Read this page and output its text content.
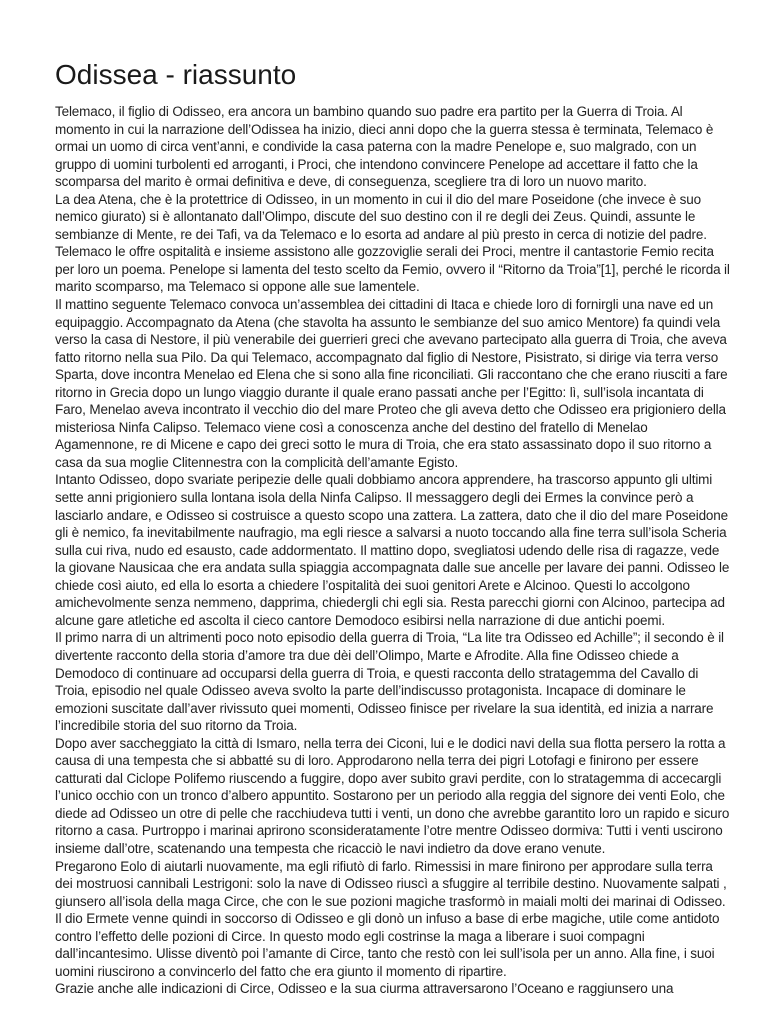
Odissea - riassunto

Telemaco, il figlio di Odisseo, era ancora un bambino quando suo padre era partito per la Guerra di Troia. Al momento in cui la narrazione dell’Odissea ha inizio, dieci anni dopo che la guerra stessa è terminata, Telemaco è ormai un uomo di circa vent’anni, e condivide la casa paterna con la madre Penelope e, suo malgrado, con un gruppo di uomini turbolenti ed arroganti, i Proci, che intendono convincere Penelope ad accettare il fatto che la scomparsa del marito è ormai definitiva e deve, di conseguenza, scegliere tra di loro un nuovo marito.

La dea Atena, che è la protettrice di Odisseo, in un momento in cui il dio del mare Poseidone (che invece è suo nemico giurato) si è allontanato dall’Olimpo, discute del suo destino con il re degli dei Zeus. Quindi, assunte le sembianze di Mente, re dei Tafi, va da Telemaco e lo esorta ad andare al più presto in cerca di notizie del padre. Telemaco le offre ospitalità e insieme assistono alle gozzoviglie serali dei Proci, mentre il cantastorie Femio recita per loro un poema. Penelope si lamenta del testo scelto da Femio, ovvero il “Ritorno da Troia”[1], perché le ricorda il marito scomparso, ma Telemaco si oppone alle sue lamentele.

Il mattino seguente Telemaco convoca un’assemblea dei cittadini di Itaca e chiede loro di fornirgli una nave ed un equipaggio. Accompagnato da Atena (che stavolta ha assunto le sembianze del suo amico Mentore) fa quindi vela verso la casa di Nestore, il più venerabile dei guerrieri greci che avevano partecipato alla guerra di Troia, che aveva fatto ritorno nella sua Pilo. Da qui Telemaco, accompagnato dal figlio di Nestore, Pisistrato, si dirige via terra verso Sparta, dove incontra Menelao ed Elena che si sono alla fine riconciliati. Gli raccontano che che erano riusciti a fare ritorno in Grecia dopo un lungo viaggio durante il quale erano passati anche per l’Egitto: lì, sull’isola incantata di Faro, Menelao aveva incontrato il vecchio dio del mare Proteo che gli aveva detto che Odisseo era prigioniero della misteriosa Ninfa Calipso. Telemaco viene così a conoscenza anche del destino del fratello di Menelao Agamennone, re di Micene e capo dei greci sotto le mura di Troia, che era stato assassinato dopo il suo ritorno a casa da sua moglie Clitennestra con la complicità dell’amante Egisto.

Intanto Odisseo, dopo svariate peripezie delle quali dobbiamo ancora apprendere, ha trascorso appunto gli ultimi sette anni prigioniero sulla lontana isola della Ninfa Calipso. Il messaggero degli dei Ermes la convince però a lasciarlo andare, e Odisseo si costruisce a questo scopo una zattera. La zattera, dato che il dio del mare Poseidone gli è nemico, fa inevitabilmente naufragio, ma egli riesce a salvarsi a nuoto toccando alla fine terra sull’isola Scheria sulla cui riva, nudo ed esausto, cade addormentato. Il mattino dopo, svegliatosi udendo delle risa di ragazze, vede la giovane Nausicaa che era andata sulla spiaggia accompagnata dalle sue ancelle per lavare dei panni. Odisseo le chiede così aiuto, ed ella lo esorta a chiedere l’ospitalità dei suoi genitori Arete e Alcinoo. Questi lo accolgono amichevolmente senza nemmeno, dapprima, chiedergli chi egli sia. Resta parecchi giorni con Alcinoo, partecipa ad alcune gare atletiche ed ascolta il cieco cantore Demodoco esibirsi nella narrazione di due antichi poemi.

Il primo narra di un altrimenti poco noto episodio della guerra di Troia, “La lite tra Odisseo ed Achille”; il secondo è il divertente racconto della storia d’amore tra due dèi dell’Olimpo, Marte e Afrodite. Alla fine Odisseo chiede a Demodoco di continuare ad occuparsi della guerra di Troia, e questi racconta dello stratagemma del Cavallo di Troia, episodio nel quale Odisseo aveva svolto la parte dell’indiscusso protagonista. Incapace di dominare le emozioni suscitate dall’aver rivissuto quei momenti, Odisseo finisce per rivelare la sua identità, ed inizia a narrare l’incredibile storia del suo ritorno da Troia.

Dopo aver saccheggiato la città di Ismaro, nella terra dei Ciconi, lui e le dodici navi della sua flotta persero la rotta a causa di una tempesta che si abbatté su di loro. Approdarono nella terra dei pigri Lotofagi e finirono per essere catturati dal Ciclope Polifemo riuscendo a fuggire, dopo aver subito gravi perdite, con lo stratagemma di accecargli l’unico occhio con un tronco d’albero appuntito. Sostarono per un periodo alla reggia del signore dei venti Eolo, che diede ad Odisseo un otre di pelle che racchiudeva tutti i venti, un dono che avrebbe garantito loro un rapido e sicuro ritorno a casa. Purtroppo i marinai aprirono sconsideratamente l’otre mentre Odisseo dormiva: Tutti i venti uscirono insieme dall’otre, scatenando una tempesta che ricacciò le navi indietro da dove erano venute.

Pregarono Eolo di aiutarli nuovamente, ma egli rifiutò di farlo. Rimessisi in mare finirono per approdare sulla terra dei mostruosi cannibali Lestrigoni: solo la nave di Odisseo riuscì a sfuggire al terribile destino. Nuovamente salpati , giunsero all’isola della maga Circe, che con le sue pozioni magiche trasformò in maiali molti dei marinai di Odisseo. Il dio Ermete venne quindi in soccorso di Odisseo e gli donò un infuso a base di erbe magiche, utile come antidoto contro l’effetto delle pozioni di Circe. In questo modo egli costrinse la maga a liberare i suoi compagni dall’incantesimo. Ulisse diventò poi l’amante di Circe, tanto che restò con lei sull’isola per un anno. Alla fine, i suoi uomini riuscirono a convincerlo del fatto che era giunto il momento di ripartire.

Grazie anche alle indicazioni di Circe, Odisseo e la sua ciurma attraversarono l’Oceano e raggiunsero una
